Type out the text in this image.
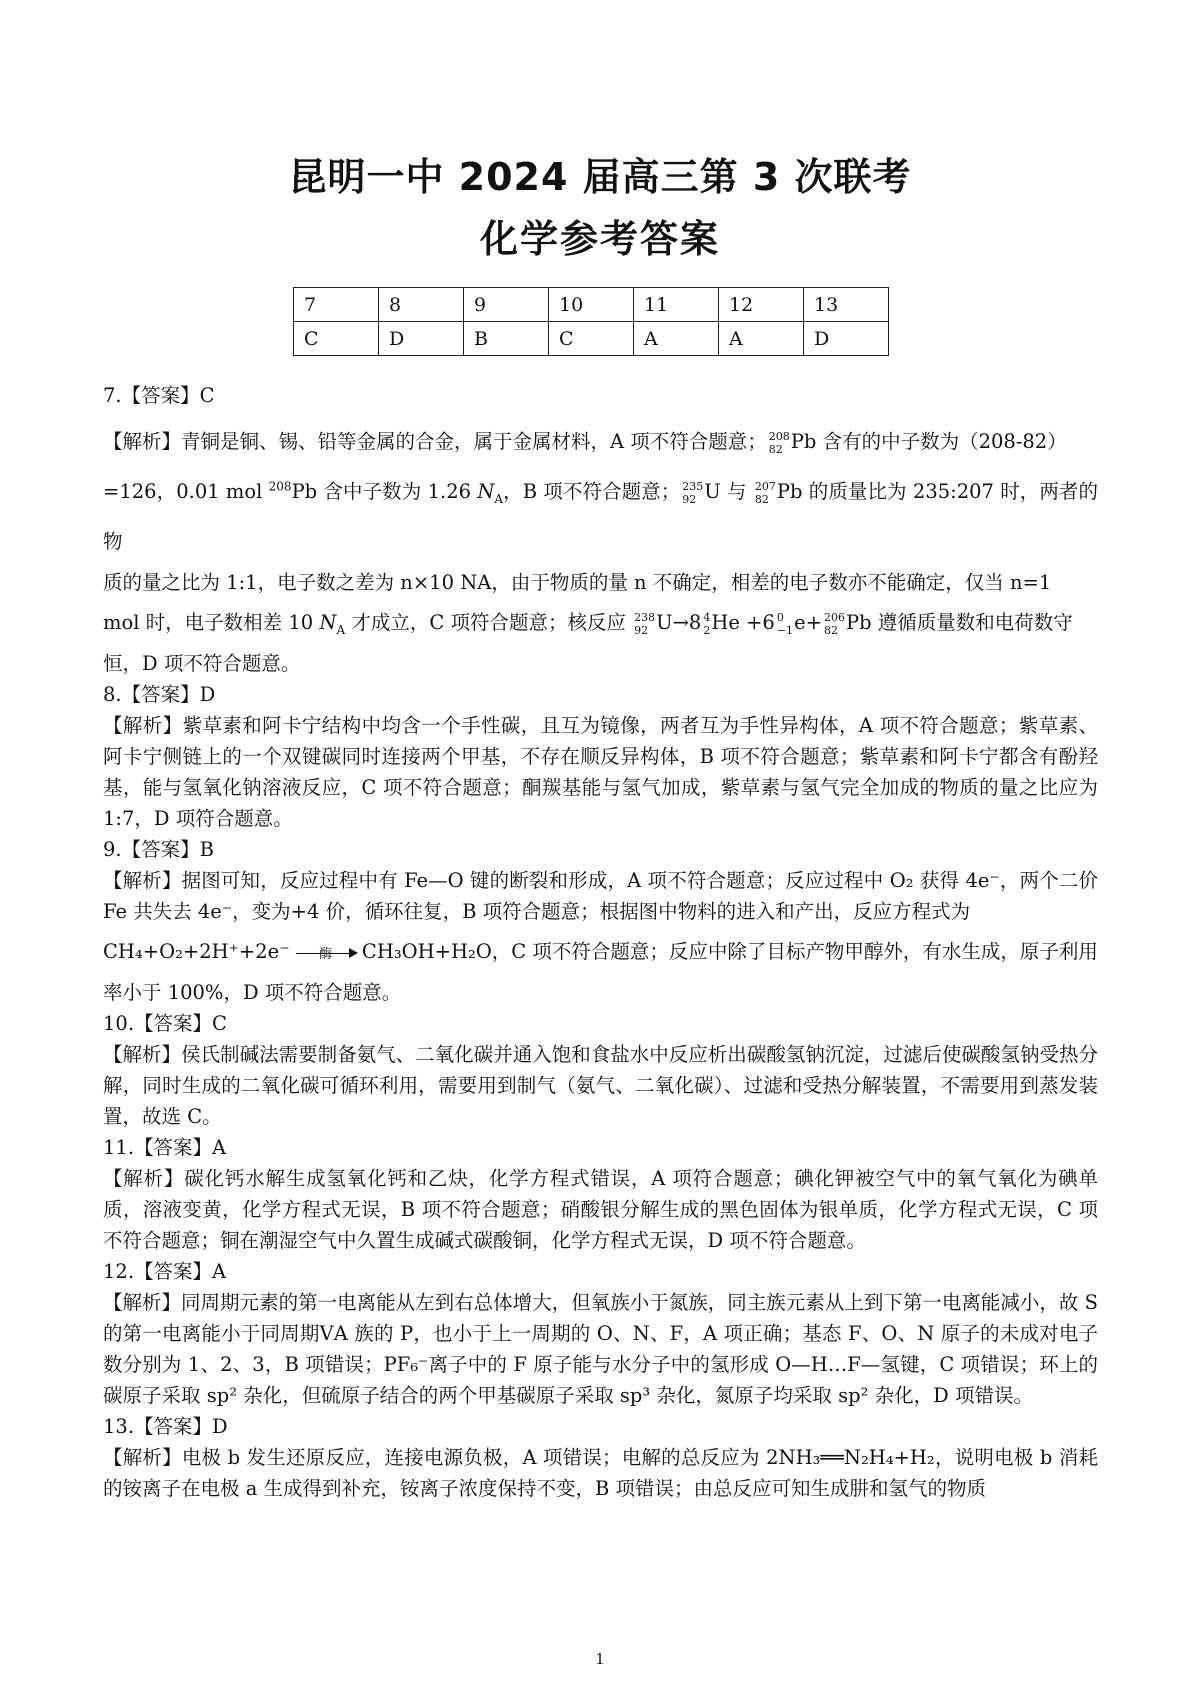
昆明一中 2024 届高三第 3 次联考
化学参考答案
7	8	9	10	11	12	13
C	D	B	C	A	A	D

7.【答案】C

【解析】青铜是铜、锡、铅等金属的合金，属于金属材料，A 项不符合题意； 208
82 Pb 含有的中子数为（208-82）

=126，0.01 mol $^{208}$Pb 含中子数为 1.26 $N_A$，B 项不符合题意； 235
92 U 与 207
82 Pb 的质量比为 235:207 时，两者的物

质的量之比为 1:1，电子数之差为 n×10 NA，由于物质的量 n 不确定，相差的电子数亦不能确定，仅当 n=1

mol 时，电子数相差 10 $N_A$ 才成立，C 项符合题意；核反应 238
92 U→8 4
2 He +6 0
−1 e+ 206
82 Pb 遵循质量数和电荷数守

恒，D 项不符合题意。

8.【答案】D

【解析】紫草素和阿卡宁结构中均含一个手性碳，且互为镜像，两者互为手性异构体，A 项不符合题意；紫草素、阿卡宁侧链上的一个双键碳同时连接两个甲基，不存在顺反异构体，B 项不符合题意；紫草素和阿卡宁都含有酚羟基，能与氢氧化钠溶液反应，C 项不符合题意；酮羰基能与氢气加成，紫草素与氢气完全加成的物质的量之比应为 1:7，D 项符合题意。

9.【答案】B

【解析】据图可知，反应过程中有 Fe—O 键的断裂和形成，A 项不符合题意；反应过程中 O₂ 获得 4e⁻，两个二价 Fe 共失去 4e⁻，变为+4 价，循环往复，B 项符合题意；根据图中物料的进入和产出，反应方程式为

CH₄+O₂+2H⁺+2e⁻	酶	CH₃OH+H₂O，C 项不符合题意；反应中除了目标产物甲醇外，有水生成，原子利用

率小于 100%，D 项不符合题意。

10.【答案】C

【解析】侯氏制碱法需要制备氨气、二氧化碳并通入饱和食盐水中反应析出碳酸氢钠沉淀，过滤后使碳酸氢钠受热分解，同时生成的二氧化碳可循环利用，需要用到制气（氨气、二氧化碳）、过滤和受热分解装置，不需要用到蒸发装置，故选 C。

11.【答案】A

【解析】碳化钙水解生成氢氧化钙和乙炔，化学方程式错误，A 项符合题意；碘化钾被空气中的氧气氧化为碘单质，溶液变黄，化学方程式无误，B 项不符合题意；硝酸银分解生成的黑色固体为银单质，化学方程式无误，C 项不符合题意；铜在潮湿空气中久置生成碱式碳酸铜，化学方程式无误，D 项不符合题意。

12.【答案】A

【解析】同周期元素的第一电离能从左到右总体增大，但氧族小于氮族，同主族元素从上到下第一电离能减小，故 S 的第一电离能小于同周期ⅤA 族的 P，也小于上一周期的 O、N、F，A 项正确；基态 F、O、N 原子的未成对电子数分别为 1、2、3，B 项错误；PF₆⁻离子中的 F 原子能与水分子中的氢形成 O—H…F—氢键，C 项错误；环上的碳原子采取 sp² 杂化，但硫原子结合的两个甲基碳原子采取 sp³ 杂化，氮原子均采取 sp² 杂化，D 项错误。

13.【答案】D

【解析】电极 b 发生还原反应，连接电源负极，A 项错误；电解的总反应为 2NH₃══N₂H₄+H₂，说明电极 b 消耗的铵离子在电极 a 生成得到补充，铵离子浓度保持不变，B 项错误；由总反应可知生成肼和氢气的物质

1
